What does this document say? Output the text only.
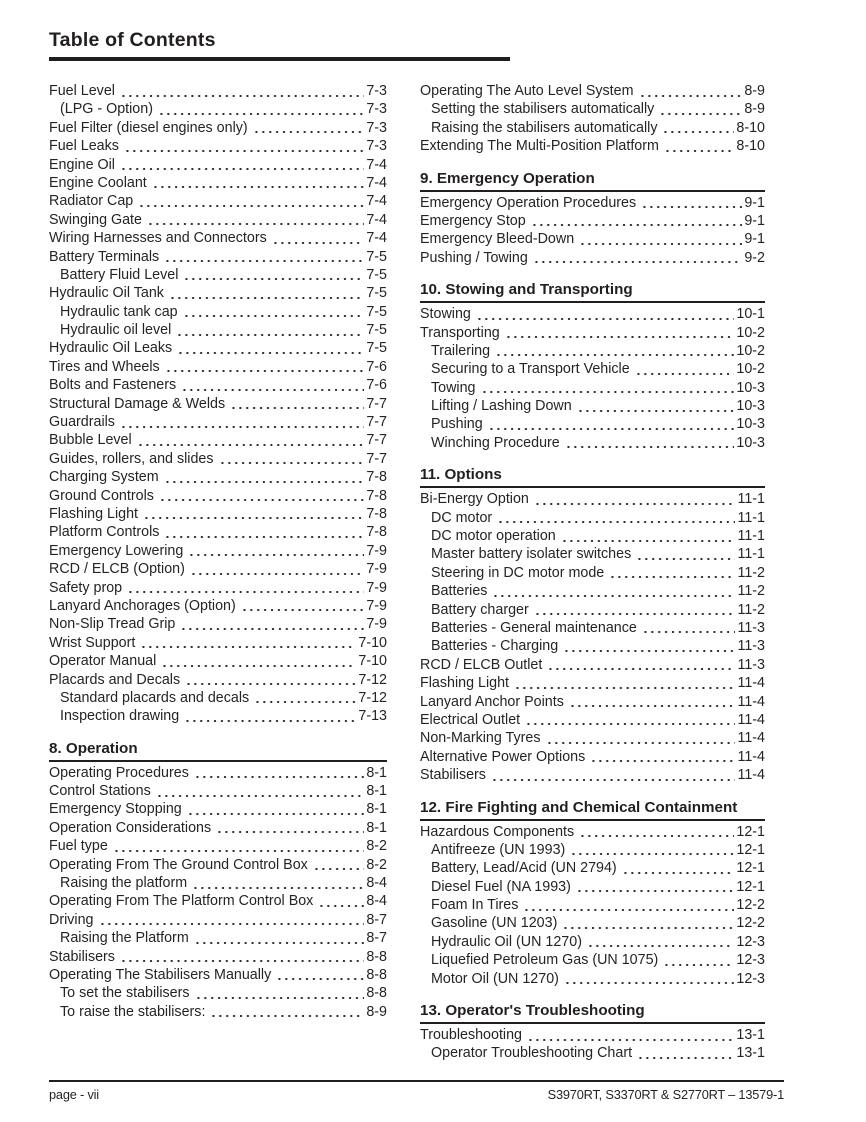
Table of Contents
Fuel Level	7-3
(LPG - Option)	7-3
Fuel Filter (diesel engines only)	7-3
Fuel Leaks	7-3
Engine Oil	7-4
Engine Coolant	7-4
Radiator Cap	7-4
Swinging Gate	7-4
Wiring Harnesses and Connectors	7-4
Battery Terminals	7-5
Battery Fluid Level	7-5
Hydraulic Oil Tank	7-5
Hydraulic tank cap	7-5
Hydraulic oil level	7-5
Hydraulic Oil Leaks	7-5
Tires and Wheels	7-6
Bolts and Fasteners	7-6
Structural Damage & Welds	7-7
Guardrails	7-7
Bubble Level	7-7
Guides, rollers, and slides	7-7
Charging System	7-8
Ground Controls	7-8
Flashing Light	7-8
Platform Controls	7-8
Emergency Lowering	7-9
RCD / ELCB (Option)	7-9
Safety prop	7-9
Lanyard Anchorages (Option)	7-9
Non-Slip Tread Grip	7-9
Wrist Support	7-10
Operator Manual	7-10
Placards and Decals	7-12
Standard placards and decals	7-12
Inspection drawing	7-13
8. Operation
Operating Procedures	8-1
Control Stations	8-1
Emergency Stopping	8-1
Operation Considerations	8-1
Fuel type	8-2
Operating From The Ground Control Box	8-2
Raising the platform	8-4
Operating From The Platform Control Box	8-4
Driving	8-7
Raising the Platform	8-7
Stabilisers	8-8
Operating The Stabilisers Manually	8-8
To set the stabilisers	8-8
To raise the stabilisers:	8-9
Operating The Auto Level System	8-9
Setting the stabilisers automatically	8-9
Raising the stabilisers automatically	8-10
Extending The Multi-Position Platform	8-10
9. Emergency Operation
Emergency Operation Procedures	9-1
Emergency Stop	9-1
Emergency Bleed-Down	9-1
Pushing / Towing	9-2
10. Stowing and Transporting
Stowing	10-1
Transporting	10-2
Trailering	10-2
Securing to a Transport Vehicle	10-2
Towing	10-3
Lifting / Lashing Down	10-3
Pushing	10-3
Winching Procedure	10-3
11. Options
Bi-Energy Option	11-1
DC motor	11-1
DC motor operation	11-1
Master battery isolater switches	11-1
Steering in DC motor mode	11-2
Batteries	11-2
Battery charger	11-2
Batteries - General maintenance	11-3
Batteries - Charging	11-3
RCD / ELCB Outlet	11-3
Flashing Light	11-4
Lanyard Anchor Points	11-4
Electrical Outlet	11-4
Non-Marking Tyres	11-4
Alternative Power Options	11-4
Stabilisers	11-4
12. Fire Fighting and Chemical Containment
Hazardous Components	12-1
Antifreeze (UN 1993)	12-1
Battery, Lead/Acid (UN 2794)	12-1
Diesel Fuel (NA 1993)	12-1
Foam In Tires	12-2
Gasoline (UN 1203)	12-2
Hydraulic Oil (UN 1270)	12-3
Liquefied Petroleum Gas (UN 1075)	12-3
Motor Oil (UN 1270)	12-3
13. Operator's Troubleshooting
Troubleshooting	13-1
Operator Troubleshooting Chart	13-1
page - vii	S3970RT, S3370RT & S2770RT – 13579-1
